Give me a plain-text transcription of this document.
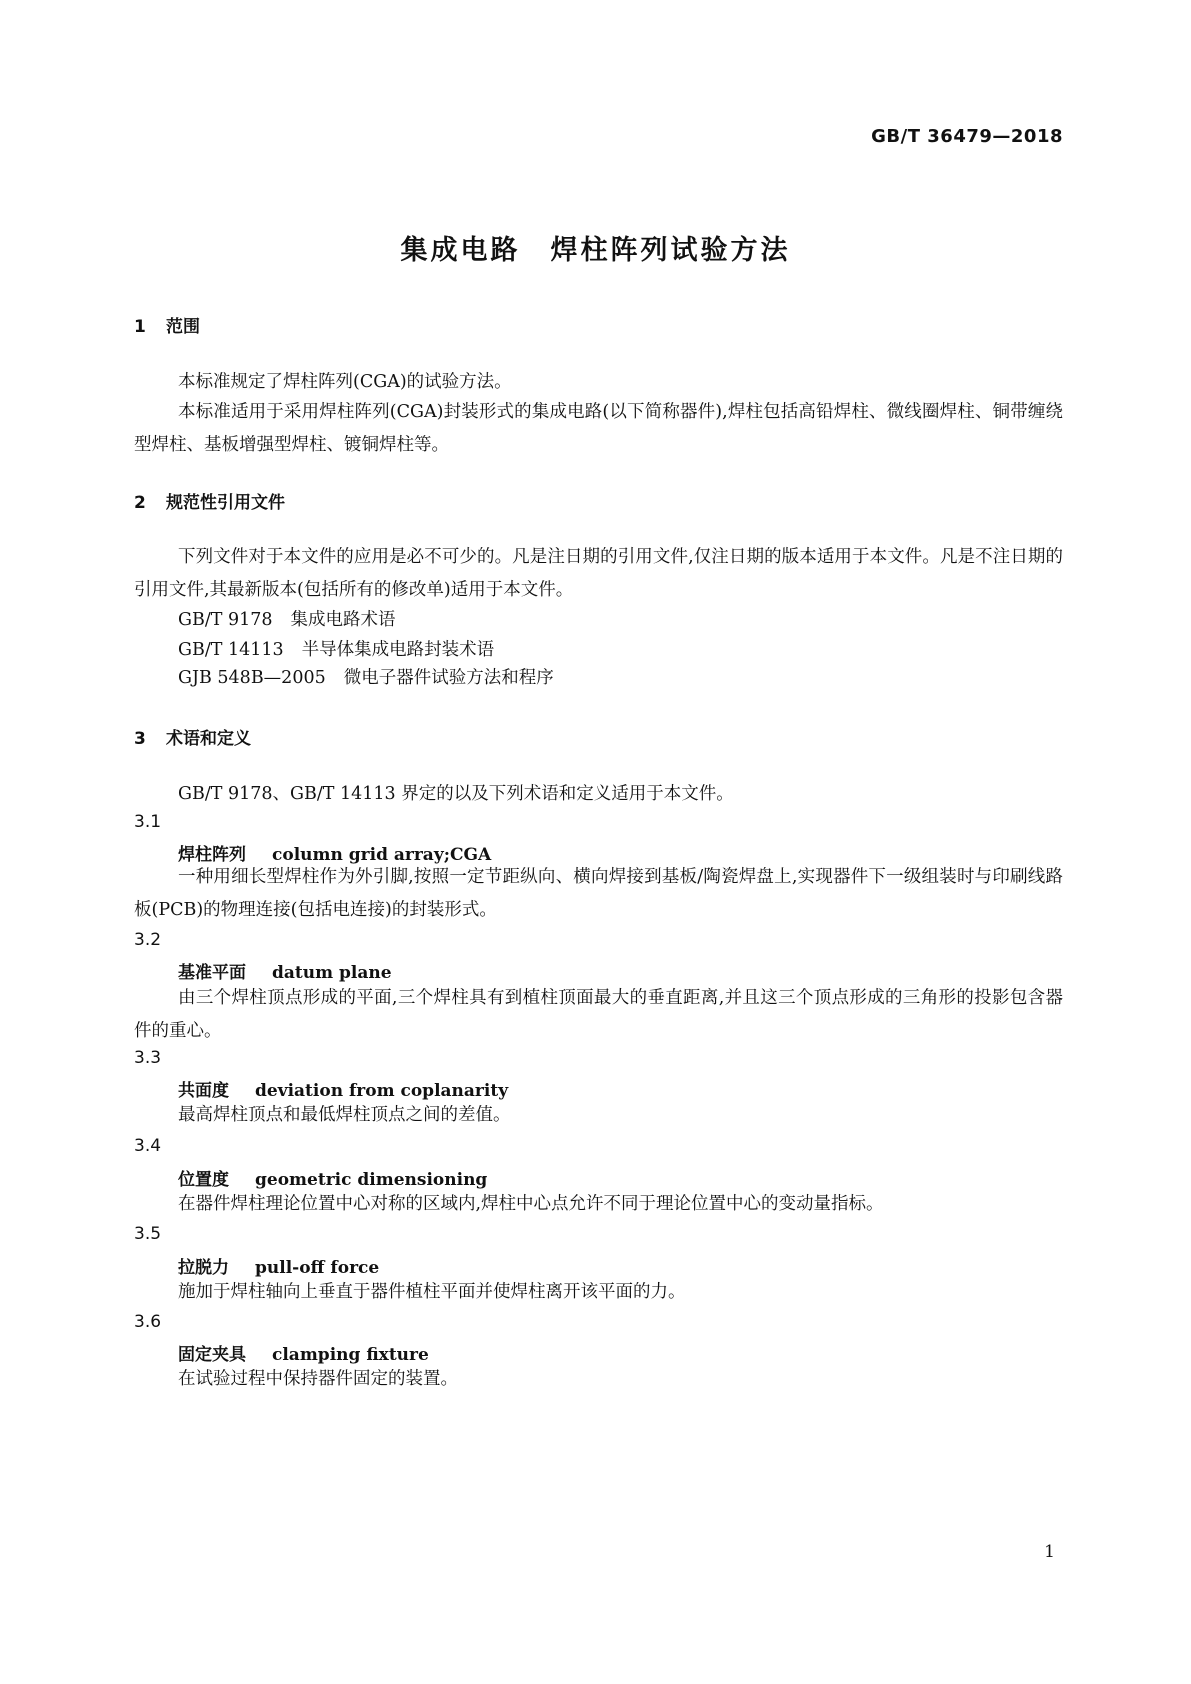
GB/T 36479—2018
集成电路　焊柱阵列试验方法
1 范围
本标准规定了焊柱阵列(CGA)的试验方法。
本标准适用于采用焊柱阵列(CGA)封装形式的集成电路(以下简称器件),焊柱包括高铅焊柱、微线圈焊柱、铜带缠绕型焊柱、基板增强型焊柱、镀铜焊柱等。
2 规范性引用文件
下列文件对于本文件的应用是必不可少的。凡是注日期的引用文件,仅注日期的版本适用于本文件。凡是不注日期的引用文件,其最新版本(包括所有的修改单)适用于本文件。
GB/T 9178 集成电路术语
GB/T 14113 半导体集成电路封装术语
GJB 548B—2005 微电子器件试验方法和程序
3 术语和定义
GB/T 9178、GB/T 14113 界定的以及下列术语和定义适用于本文件。
3.1
焊柱阵列 column grid array;CGA
一种用细长型焊柱作为外引脚,按照一定节距纵向、横向焊接到基板/陶瓷焊盘上,实现器件下一级组装时与印刷线路板(PCB)的物理连接(包括电连接)的封装形式。
3.2
基准平面 datum plane
由三个焊柱顶点形成的平面,三个焊柱具有到植柱顶面最大的垂直距离,并且这三个顶点形成的三角形的投影包含器件的重心。
3.3
共面度 deviation from coplanarity
最高焊柱顶点和最低焊柱顶点之间的差值。
3.4
位置度 geometric dimensioning
在器件焊柱理论位置中心对称的区域内,焊柱中心点允许不同于理论位置中心的变动量指标。
3.5
拉脱力 pull-off force
施加于焊柱轴向上垂直于器件植柱平面并使焊柱离开该平面的力。
3.6
固定夹具 clamping fixture
在试验过程中保持器件固定的装置。
1
